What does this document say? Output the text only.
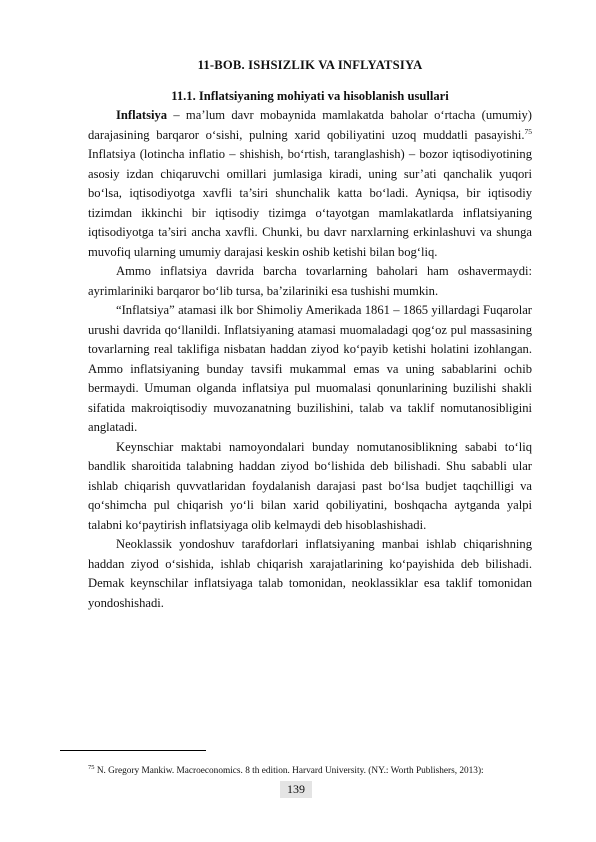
11-BOB. ISHSIZLIK VA INFLYATSIYA
11.1. Inflatsiyaning mohiyati va hisoblanish usullari

Inflatsiya – ma’lum davr mobaynida mamlakatda baholar o‘rtacha (umumiy) darajasining barqaror o‘sishi, pulning xarid qobiliyatini uzoq muddatli pasayishi.$^{75}$ Inflatsiya (lotincha inflatio – shishish, bo‘rtish, taranglashish) – bozor iqtisodiyotining asosiy izdan chiqaruvchi omillari jumlasiga kiradi, uning sur’ati qanchalik yuqori bo‘lsa, iqtisodiyotga xavfli ta’siri shunchalik katta bo‘ladi. Ayniqsa, bir iqtisodiy tizimdan ikkinchi bir iqtisodiy tizimga o‘tayotgan mamlakatlarda inflatsiyaning iqtisodiyotga ta’siri ancha xavfli. Chunki, bu davr narxlarning erkinlashuvi va shunga muvofiq ularning umumiy darajasi keskin oshib ketishi bilan bog‘liq.

Ammo inflatsiya davrida barcha tovarlarning baholari ham oshavermaydi: ayrimlariniki barqaror bo‘lib tursa, ba’zilariniki esa tushishi mumkin.

“Inflatsiya” atamasi ilk bor Shimoliy Amerikada 1861 – 1865 yillardagi Fuqarolar urushi davrida qo‘llanildi. Inflatsiyaning atamasi muomaladagi qog‘oz pul massasining tovarlarning real taklifiga nisbatan haddan ziyod ko‘payib ketishi holatini izohlangan. Ammo inflatsiyaning bunday tavsifi mukammal emas va uning sabablarini ochib bermaydi. Umuman olganda inflatsiya pul muomalasi qonunlarining buzilishi shakli sifatida makroiqtisodiy muvozanatning buzilishini, talab va taklif nomutanosibligini anglatadi.

Keynschiar maktabi namoyondalari bunday nomutanosiblikning sababi to‘liq bandlik sharoitida talabning haddan ziyod bo‘lishida deb bilishadi. Shu sababli ular ishlab chiqarish quvvatlaridan foydalanish darajasi past bo‘lsa budjet taqchilligi va qo‘shimcha pul chiqarish yo‘li bilan xarid qobiliyatini, boshqacha aytganda yalpi talabni ko‘paytirish inflatsiyaga olib kelmaydi deb hisoblashishadi.

Neoklassik yondoshuv tarafdorlari inflatsiyaning manbai ishlab chiqarishning haddan ziyod o‘sishida, ishlab chiqarish xarajatlarining ko‘payishida deb bilishadi. Demak keynschilar inflatsiyaga talab tomonidan, neoklassiklar esa taklif tomonidan yondoshishadi.

$^{75}$ N. Gregory Mankiw. Macroeconomics. 8 th edition. Harvard University. (NY.: Worth Publishers, 2013):
139
